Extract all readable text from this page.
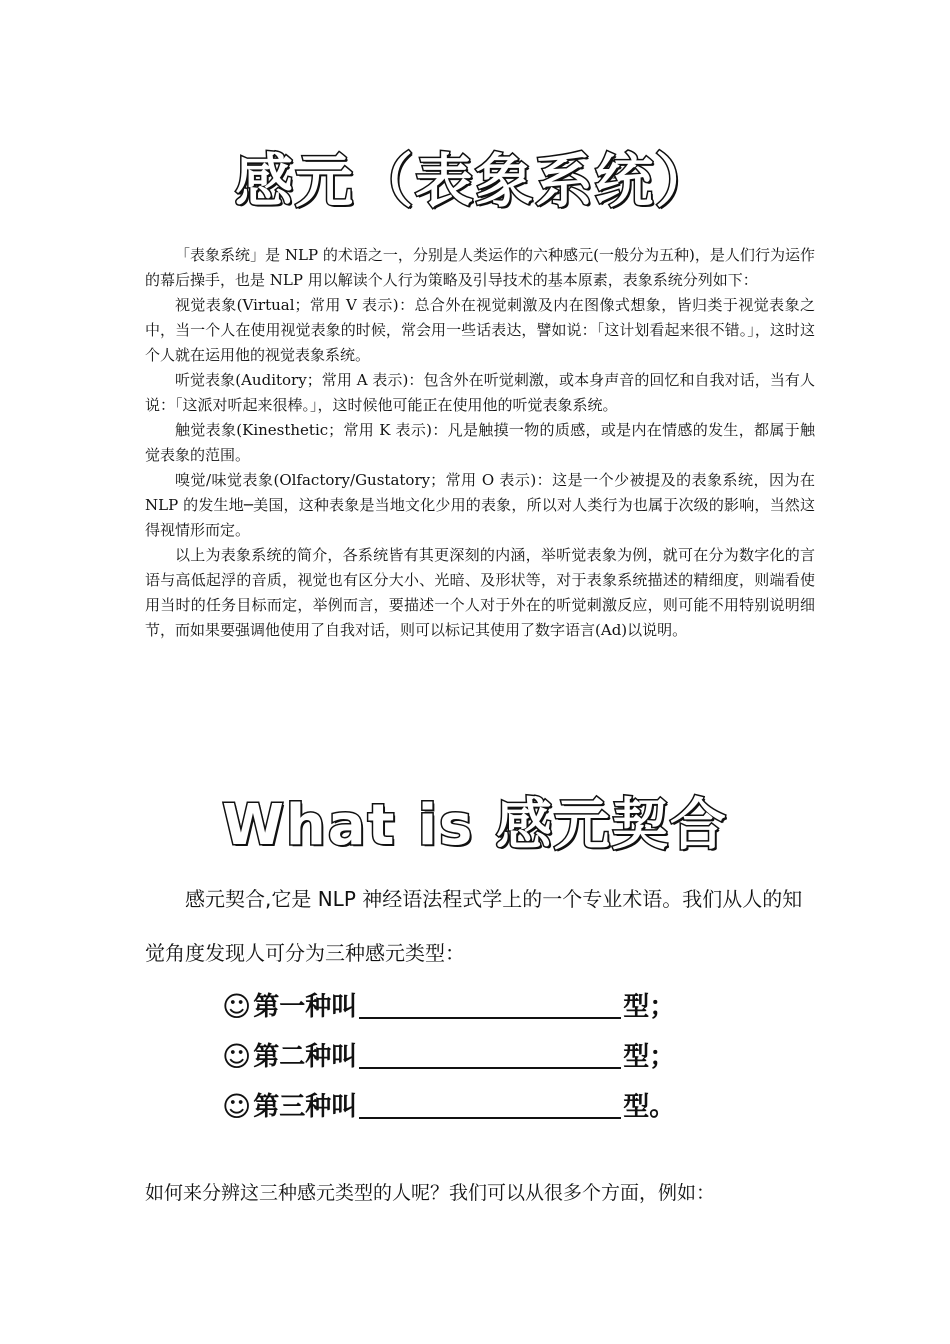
感元（表象系统）

「表象系统」是 NLP 的术语之一，分别是人类运作的六种感元(一般分为五种)，是人们行为运作的幕后操手，也是 NLP 用以解读个人行为策略及引导技术的基本原素，表象系统分列如下：

视觉表象(Virtual；常用 V 表示)：总合外在视觉刺激及内在图像式想象，皆归类于视觉表象之中，当一个人在使用视觉表象的时候，常会用一些话表达，譬如说：「这计划看起来很不错。」，这时这个人就在运用他的视觉表象系统。

听觉表象(Auditory；常用 A 表示)：包含外在听觉刺激，或本身声音的回忆和自我对话，当有人说：「这派对听起来很棒。」，这时候他可能正在使用他的听觉表象系统。

触觉表象(Kinesthetic；常用 K 表示)：凡是触摸一物的质感，或是内在情感的发生，都属于触觉表象的范围。

嗅觉/味觉表象(Olfactory/Gustatory；常用 O 表示)：这是一个少被提及的表象系统，因为在 NLP 的发生地─美国，这种表象是当地文化少用的表象，所以对人类行为也属于次级的影响，当然这得视情形而定。

以上为表象系统的简介，各系统皆有其更深刻的内涵，举听觉表象为例，就可在分为数字化的言语与高低起浮的音质，视觉也有区分大小、光暗、及形状等，对于表象系统描述的精细度，则端看使用当时的任务目标而定，举例而言，要描述一个人对于外在的听觉刺激反应，则可能不用特别说明细节，而如果要强调他使用了自我对话，则可以标记其使用了数字语言(Ad)以说明。

What is 感元契合

感元契合,它是 NLP 神经语法程式学上的一个专业术语。我们从人的知觉角度发现人可分为三种感元类型：

☺ 第一种叫	型；
☺ 第二种叫	型；
☺ 第三种叫	型。
如何来分辨这三种感元类型的人呢？我们可以从很多个方面，例如：
